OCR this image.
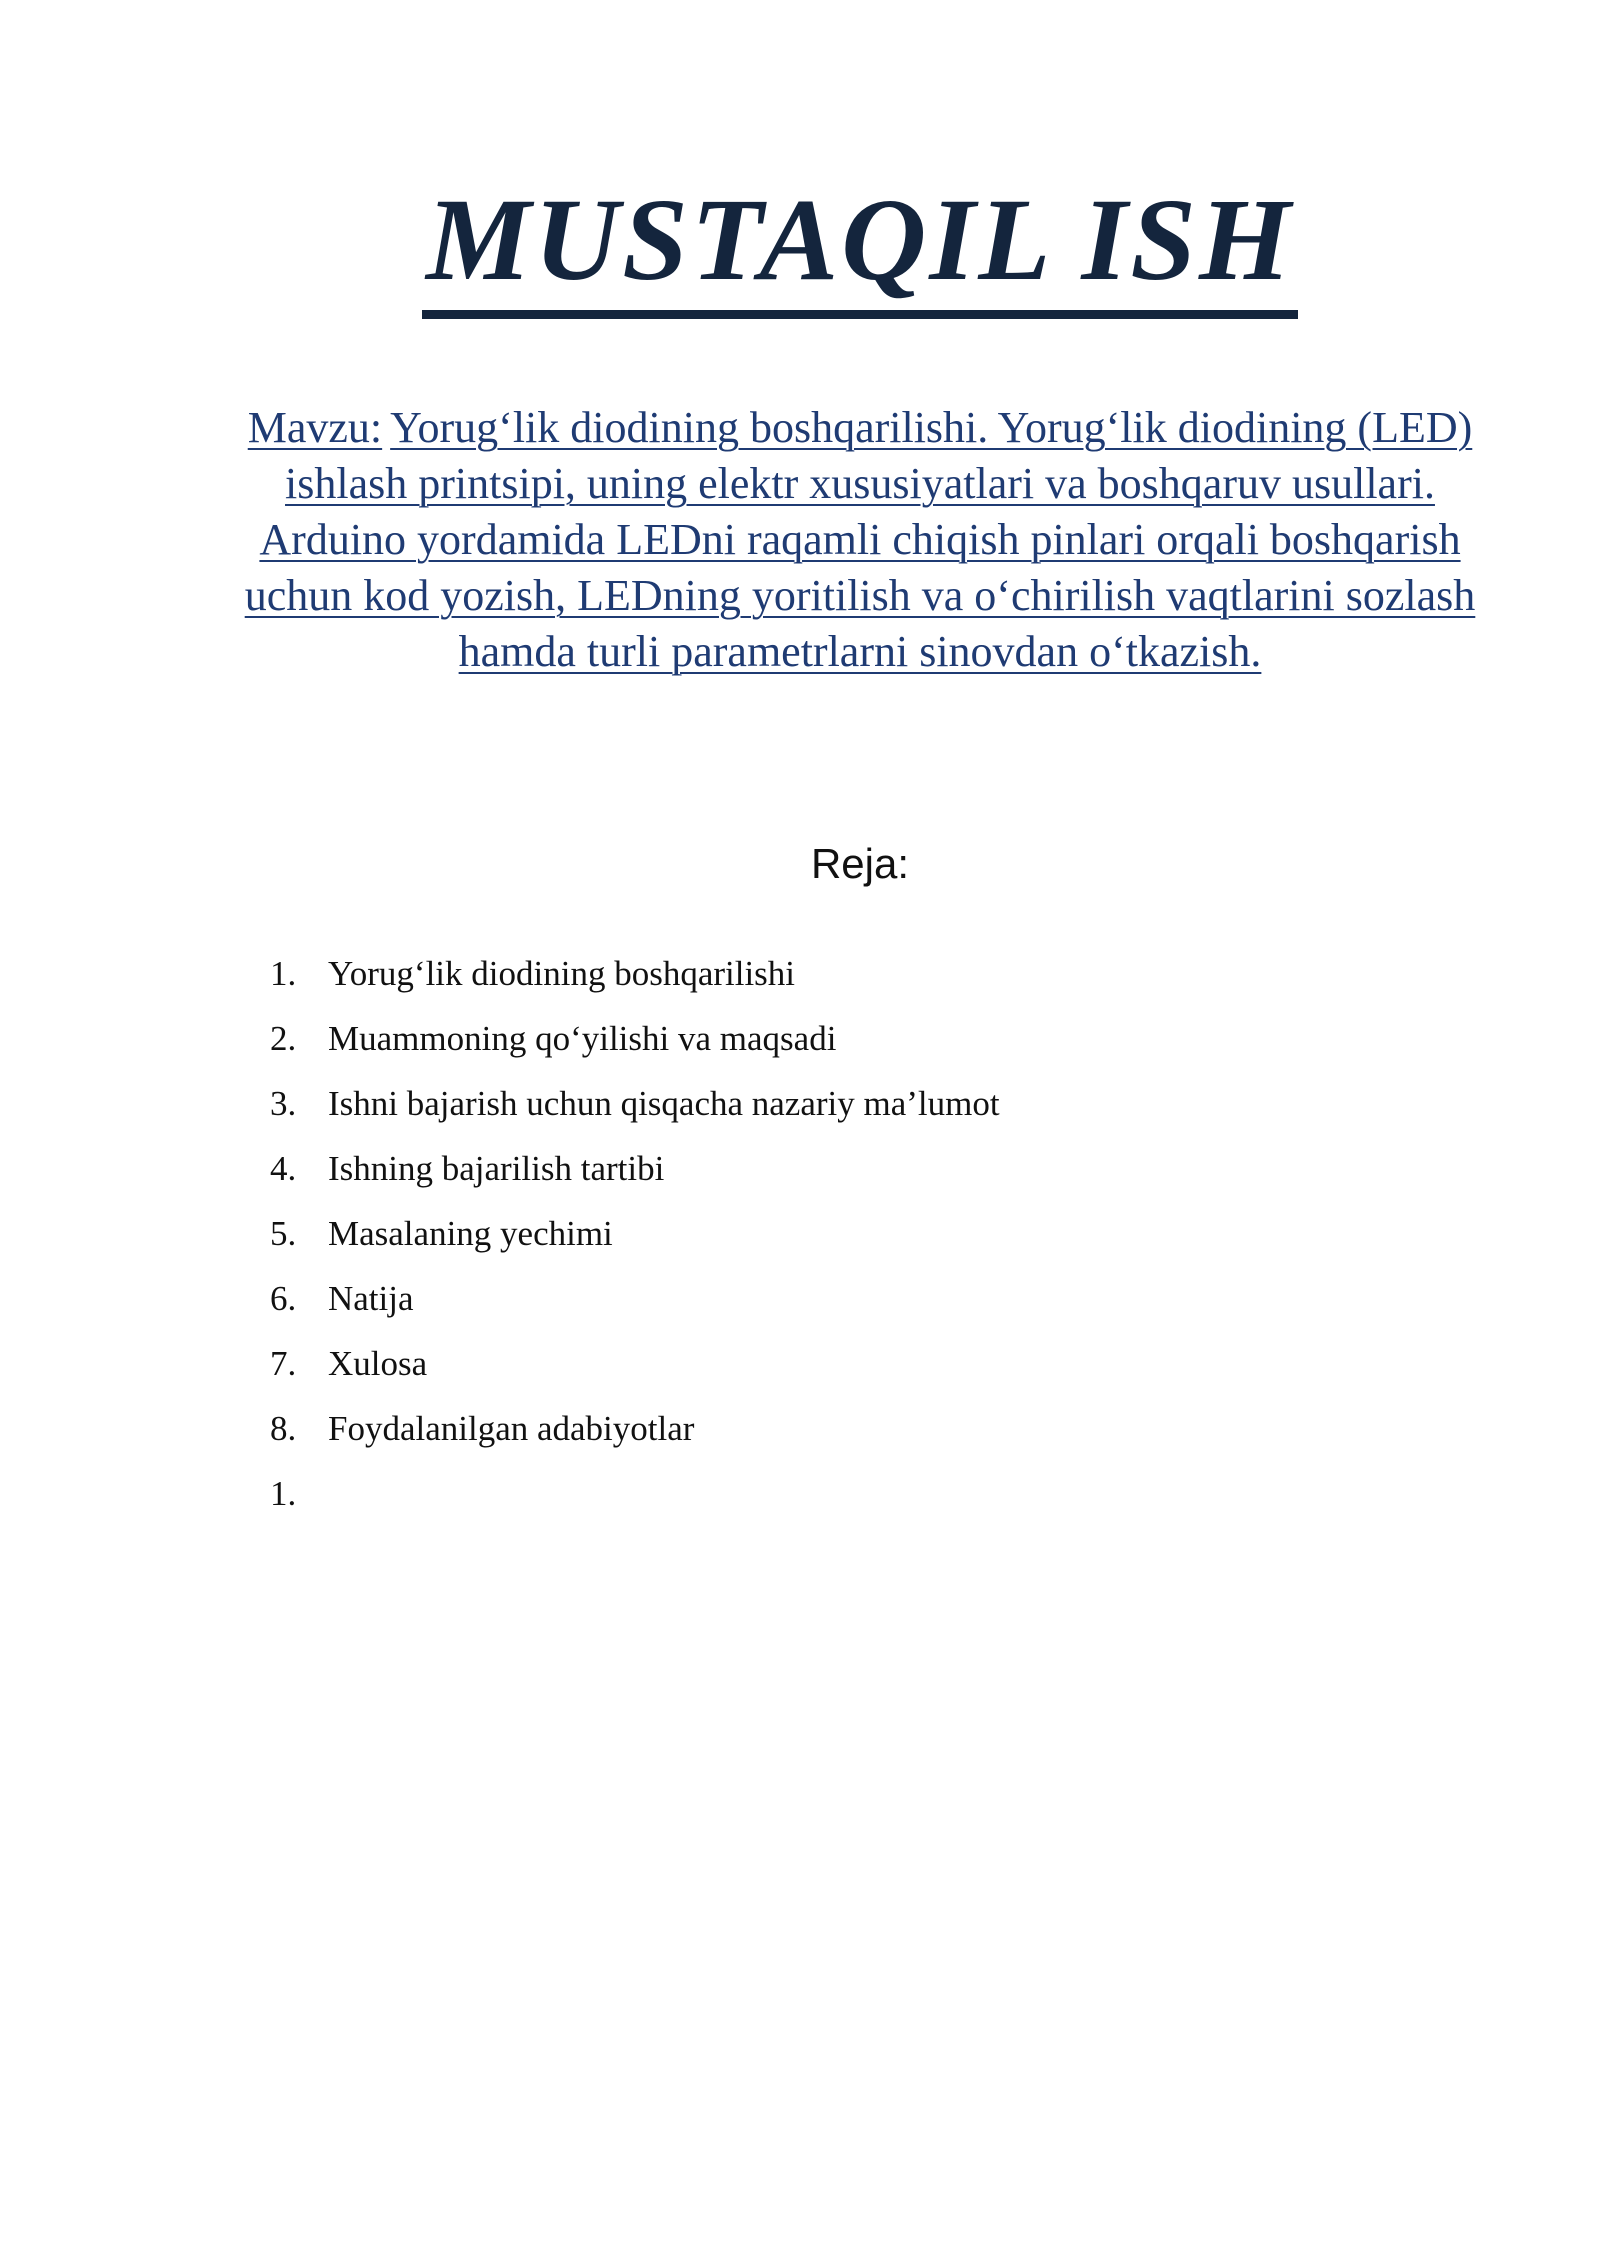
MUSTAQIL ISH
Mavzu: Yorug‘lik diodining boshqarilishi. Yorug‘lik diodining (LED) ishlash printsipi, uning elektr xususiyatlari va boshqaruv usullari. Arduino yordamida LEDni raqamli chiqish pinlari orqali boshqarish uchun kod yozish, LEDning yoritilish va o‘chirilish vaqtlarini sozlash hamda turli parametrlarni sinovdan o‘tkazish.
Reja:
1. Yorug‘lik diodining boshqarilishi
2. Muammoning qo‘yilishi va maqsadi
3. Ishni bajarish uchun qisqacha nazariy ma’lumot
4. Ishning bajarilish tartibi
5. Masalaning yechimi
6. Natija
7. Xulosa
8. Foydalanilgan adabiyotlar
1.
